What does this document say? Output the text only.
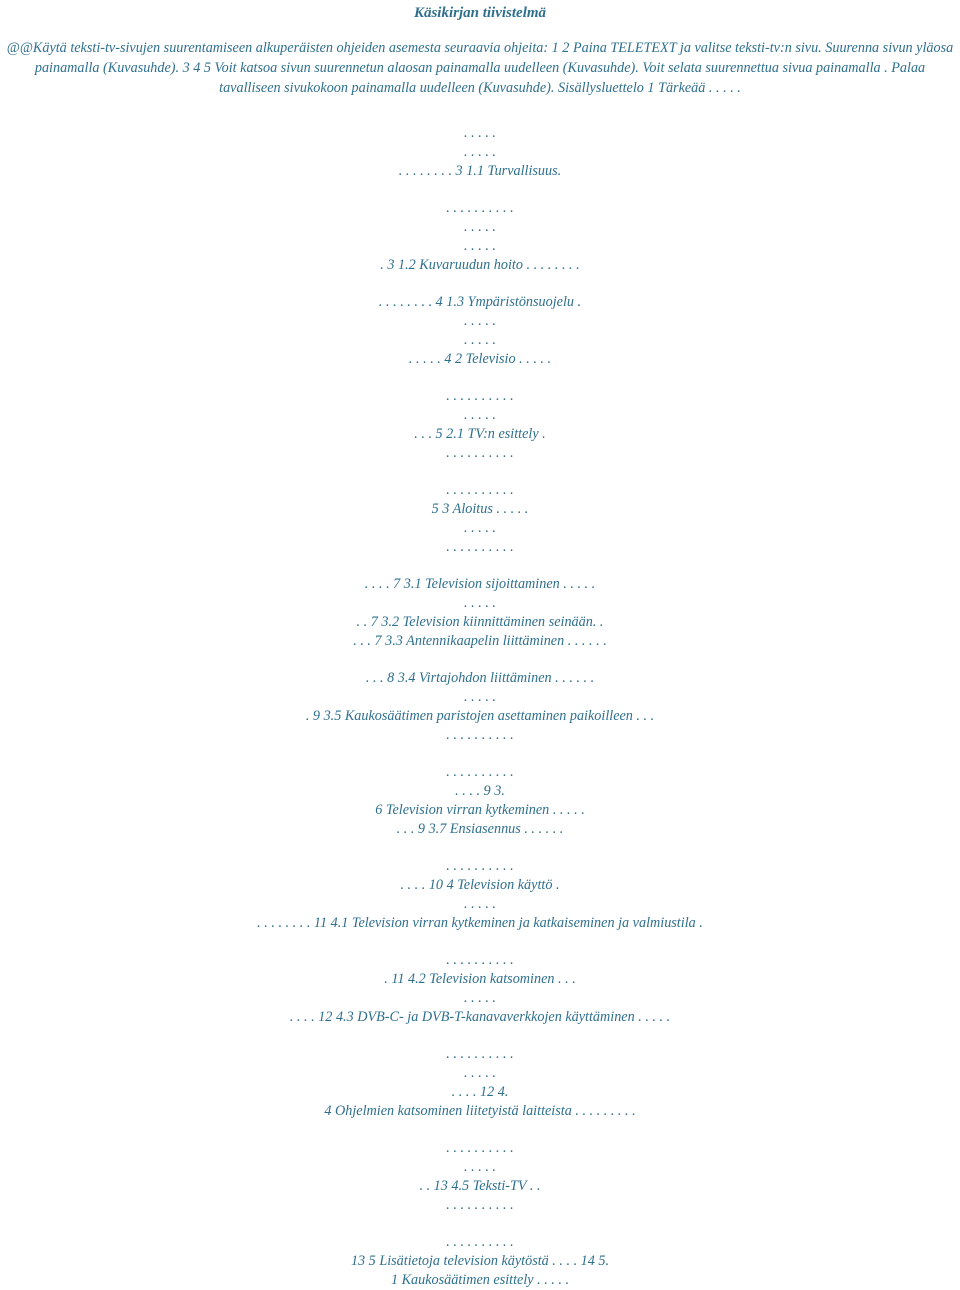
Käsikirjan tiivistelmä
@@Käytä teksti-tv-sivujen suurentamiseen alkuperäisten ohjeiden asemesta seuraavia ohjeita: 1 2 Paina TELETEXT ja valitse teksti-tv:n sivu. Suurenna sivun yläosa painamalla (Kuvasuhde). 3 4 5 Voit katsoa sivun suurennetun alaosan painamalla uudelleen (Kuvasuhde). Voit selata suurennettua sivua painamalla . Palaa tavalliseen sivukokoon painamalla uudelleen (Kuvasuhde). Sisällysluettelo 1 Tärkeää . . . . .
. . . . .
. . . . .
. . . . . . . . 3 1.1 Turvallisuus.
. . . . . . . . . .
. . . . .
. . . . .
. 3 1.2 Kuvaruudun hoito . . . . . . . .
. . . . . . . . 4 1.3 Ympäristönsuojelu .
. . . . .
. . . . .
. . . . . 4 2 Televisio . . . . .
. . . . . . . . . .
. . . . .
. . . 5 2.1 TV:n esittely .
. . . . . . . . . .
. . . . . . . . . .
5 3 Aloitus . . . . .
. . . . .
. . . . . . . . . .
. . . . 7 3.1 Television sijoittaminen . . . . .
. . . . .
. . 7 3.2 Television kiinnittäminen seinään. .
. . . 7 3.3 Antennikaapelin liittäminen . . . . . .
. . . 8 3.4 Virtajohdon liittäminen . . . . . .
. . . . .
. 9 3.5 Kaukosäätimen paristojen asettaminen paikoilleen . . .
. . . . . . . . . .
. . . . . . . . . .
. . . . 9 3.
6 Television virran kytkeminen . . . . .
. . . 9 3.7 Ensiasennus . . . . . .
. . . . . . . . . .
. . . . 10 4 Television käyttö .
. . . . .
. . . . . . . . 11 4.1 Television virran kytkeminen ja katkaiseminen ja valmiustila .
. . . . . . . . . .
. 11 4.2 Television katsominen . . .
. . . . .
. . . . 12 4.3 DVB-C- ja DVB-T-kanavaverkkojen käyttäminen . . . . .
. . . . . . . . . .
. . . . .
. . . . 12 4.
4 Ohjelmien katsominen liitetyistä laitteista . . . . . . . . .
. . . . . . . . . .
. . . . .
. . 13 4.5 Teksti-TV . .
. . . . . . . . . .
. . . . . . . . . .
13 5 Lisätietoja television käytöstä . . . . 14 5.
1 Kaukosäätimen esittely . . . . .
